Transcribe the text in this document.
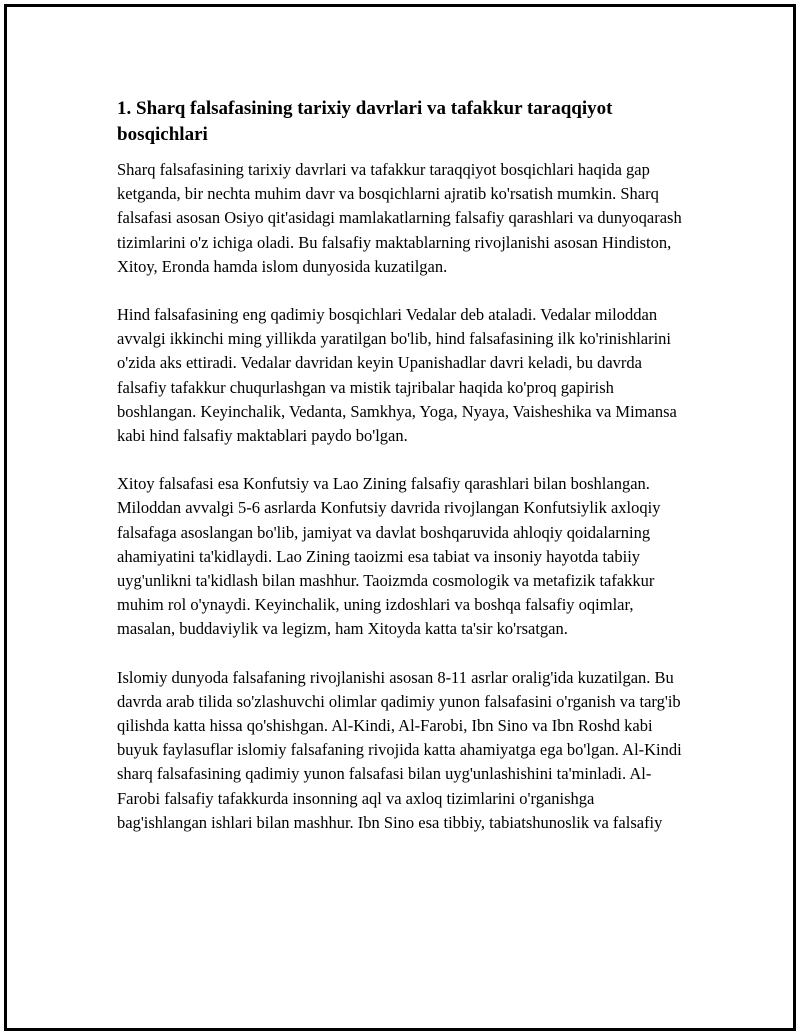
1. Sharq falsafasining tarixiy davrlari va tafakkur taraqqiyot bosqichlari

Sharq falsafasining tarixiy davrlari va tafakkur taraqqiyot bosqichlari haqida gap ketganda, bir nechta muhim davr va bosqichlarni ajratib ko'rsatish mumkin. Sharq falsafasi asosan Osiyo qit'asidagi mamlakatlarning falsafiy qarashlari va dunyoqarash tizimlarini o'z ichiga oladi. Bu falsafiy maktablarning rivojlanishi asosan Hindiston, Xitoy, Eronda hamda islom dunyosida kuzatilgan.

Hind falsafasining eng qadimiy bosqichlari Vedalar deb ataladi. Vedalar miloddan avvalgi ikkinchi ming yillikda yaratilgan bo'lib, hind falsafasining ilk ko'rinishlarini o'zida aks ettiradi. Vedalar davridan keyin Upanishadlar davri keladi, bu davrda falsafiy tafakkur chuqurlashgan va mistik tajribalar haqida ko'proq gapirish boshlangan. Keyinchalik, Vedanta, Samkhya, Yoga, Nyaya, Vaisheshika va Mimansa kabi hind falsafiy maktablari paydo bo'lgan.

Xitoy falsafasi esa Konfutsiy va Lao Zining falsafiy qarashlari bilan boshlangan. Miloddan avvalgi 5-6 asrlarda Konfutsiy davrida rivojlangan Konfutsiylik axloqiy falsafaga asoslangan bo'lib, jamiyat va davlat boshqaruvida ahloqiy qoidalarning ahamiyatini ta'kidlaydi. Lao Zining taoizmi esa tabiat va insoniy hayotda tabiiy uyg'unlikni ta'kidlash bilan mashhur. Taoizmda cosmologik va metafizik tafakkur muhim rol o'ynaydi. Keyinchalik, uning izdoshlari va boshqa falsafiy oqimlar, masalan, buddaviylik va legizm, ham Xitoyda katta ta'sir ko'rsatgan.

Islomiy dunyoda falsafaning rivojlanishi asosan 8-11 asrlar oralig'ida kuzatilgan. Bu davrda arab tilida so'zlashuvchi olimlar qadimiy yunon falsafasini o'rganish va targ'ib qilishda katta hissa qo'shishgan. Al-Kindi, Al-Farobi, Ibn Sino va Ibn Roshd kabi buyuk faylasuflar islomiy falsafaning rivojida katta ahamiyatga ega bo'lgan. Al-Kindi sharq falsafasining qadimiy yunon falsafasi bilan uyg'unlashishini ta'minladi. Al-Farobi falsafiy tafakkurda insonning aql va axloq tizimlarini o'rganishga bag'ishlangan ishlari bilan mashhur. Ibn Sino esa tibbiy, tabiatshunoslik va falsafiy
